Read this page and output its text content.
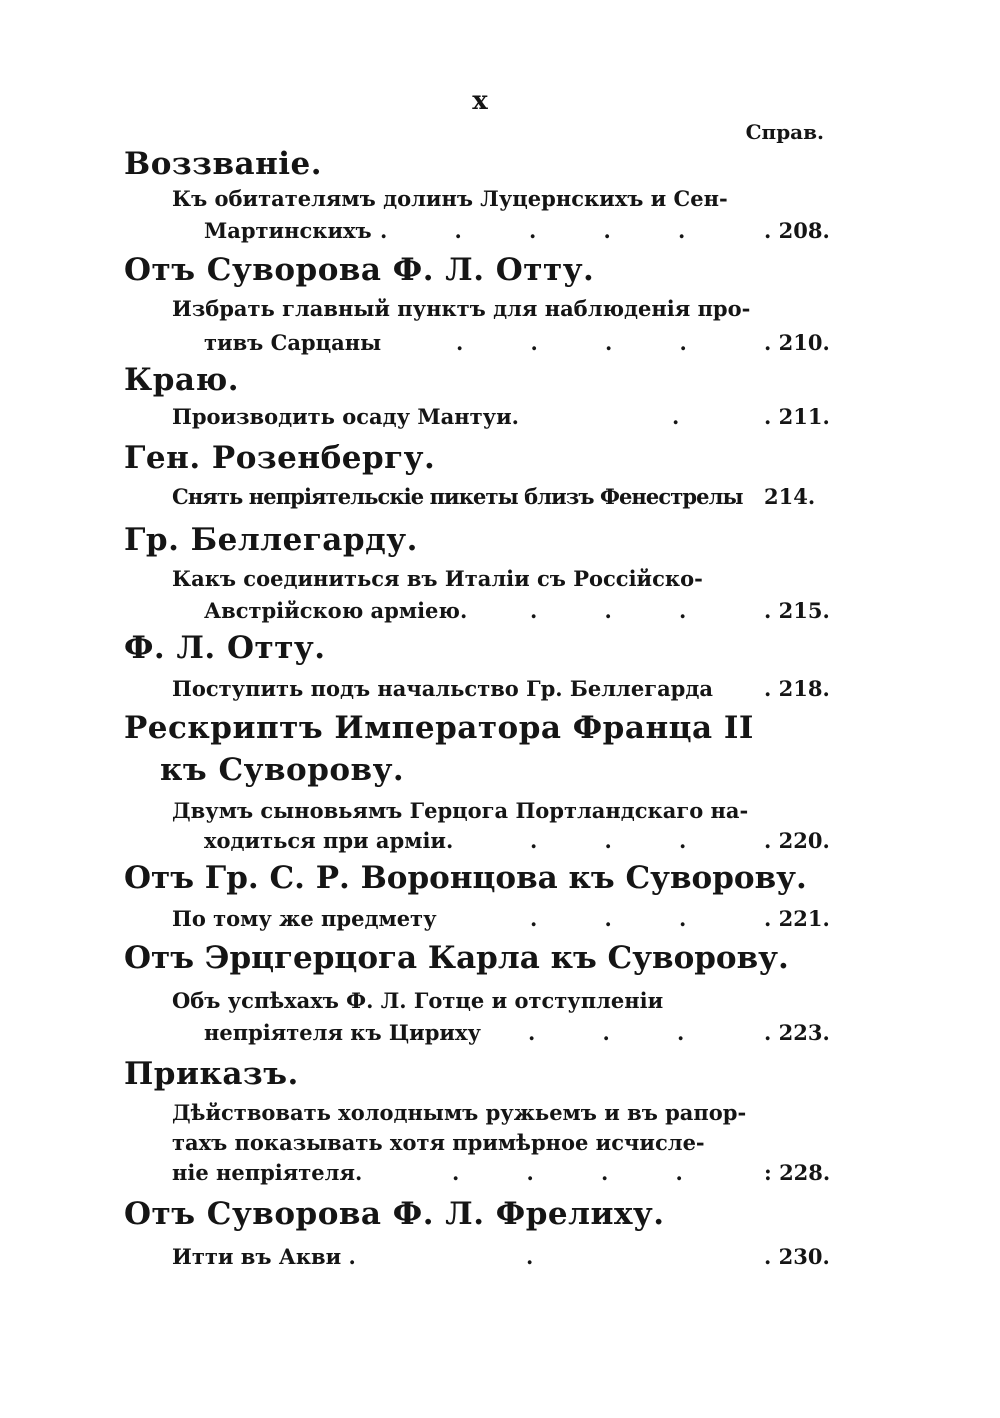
x
Справ.
Воззваніе.
Къ обитателямъ долинъ Луцернскихъ и Сен-
Мартинскихъ .       .       .       .       .	. 208.
Отъ Суворова Ф. Л. Отту.
Избрать главный пунктъ для наблюденія про-
тивъ Сарцаны	.       .       .       .	. 210.
Краю.
Производить осаду Мантуи.	.	. 211.
Ген. Розенбергу.
Снять непріятельскіе пикеты близъ Фенестрелы	214.
Гр. Беллегарду.
Какъ соединиться въ Италіи съ Россійско-
Австрійскою арміею.	.       .       .	. 215.
Ф. Л. Отту.
Поступить подъ начальство Гр. Беллегарда	. 218.
Рескриптъ Императора Франца II
къ Суворову.
Двумъ сыновьямъ Герцога Портландскаго на-
ходиться при арміи.	.       .       .	. 220.
Отъ Гр. С. Р. Воронцова къ Суворову.
По тому же предмету	.       .       .	. 221.
Отъ Эрцгерцога Карла къ Суворову.
Объ успѣхахъ Ф. Л. Готце и отступленіи
непріятеля къ Цириху	.       .       .	. 223.
Приказъ.
Дѣйствовать холоднымъ ружьемъ и въ рапор-
тахъ показывать хотя примѣрное исчисле-
ніе непріятеля.	.       .       .       .	: 228.
Отъ Суворова Ф. Л. Фрелиху.
Итти въ Акви .	.	. 230.
